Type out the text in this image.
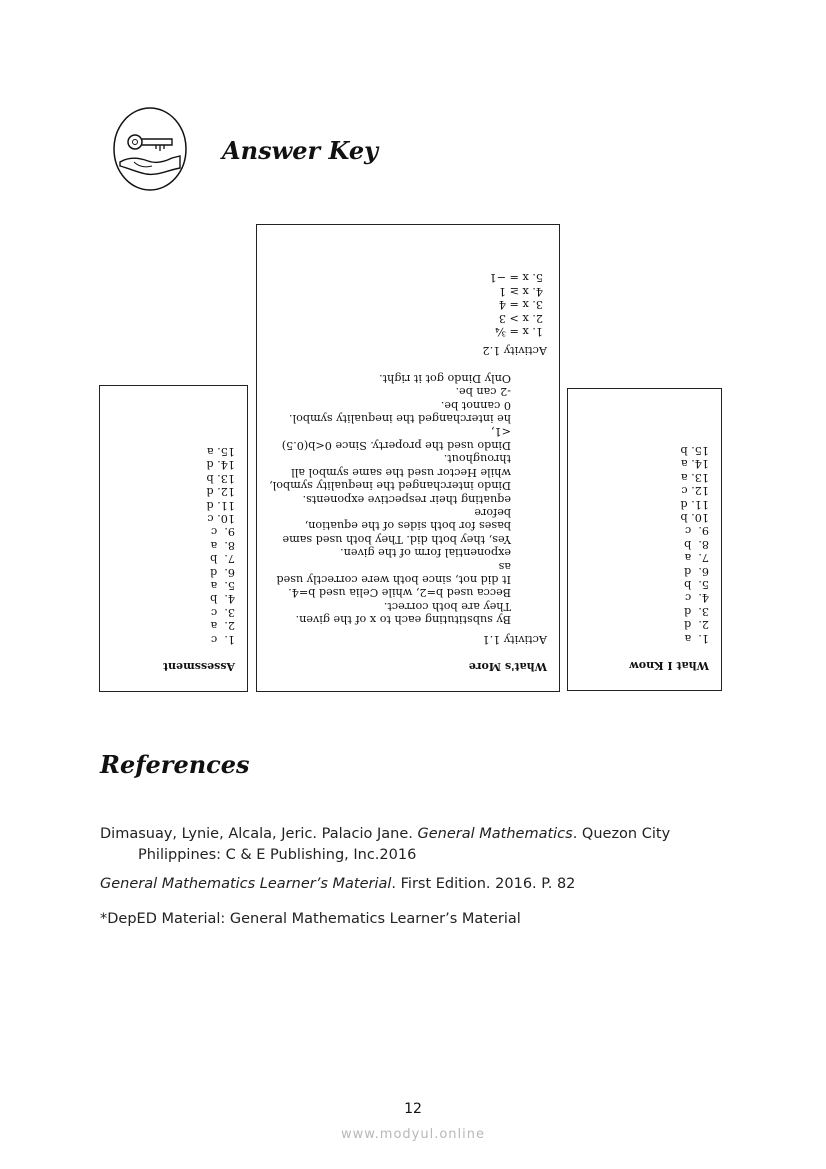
Answer Key
What I Know
1.  a
2.  d
3.  d
4.  c
5.  b
6.  d
7.  a
8.  b
9.  c
10. b
11. d
12. c
13. a
14. a
15. b
What's More
Activity 1.1
By substituting each to x of the given.
They are both correct.
Becca used b=2, while Celia used b=4.
It did not, since both were correctly used as
exponential form of the given.
Yes, they both did. They both used same
bases for both sides of the equation, before
equating their respective exponents.
Dindo interchanged the inequality symbol,
while Hector used the same symbol all
throughout.
Dindo used the property. Since 0<b(0.5)<1,
he interchanged the inequality symbol.
0 cannot be.
-2 can be.
Only Dindo got it right.
Activity 1.2
1. x = ¾
2. x > 3
3. x = 4
4. x ≥ 1
5. x = −1
Assessment
1.  c
2.  a
3.  c
4.  b
5.  a
6.  d
7.  b
8.  a
9.  c
10. c
11. d
12. d
13. b
14. d
15. a
References
Dimasuay, Lynie, Alcala, Jeric. Palacio Jane. General Mathematics. Quezon City
Philippines: C & E Publishing, Inc.2016
General Mathematics Learner’s Material. First Edition. 2016. P. 82
*DepED Material: General Mathematics Learner’s Material
12
www.modyul.online
